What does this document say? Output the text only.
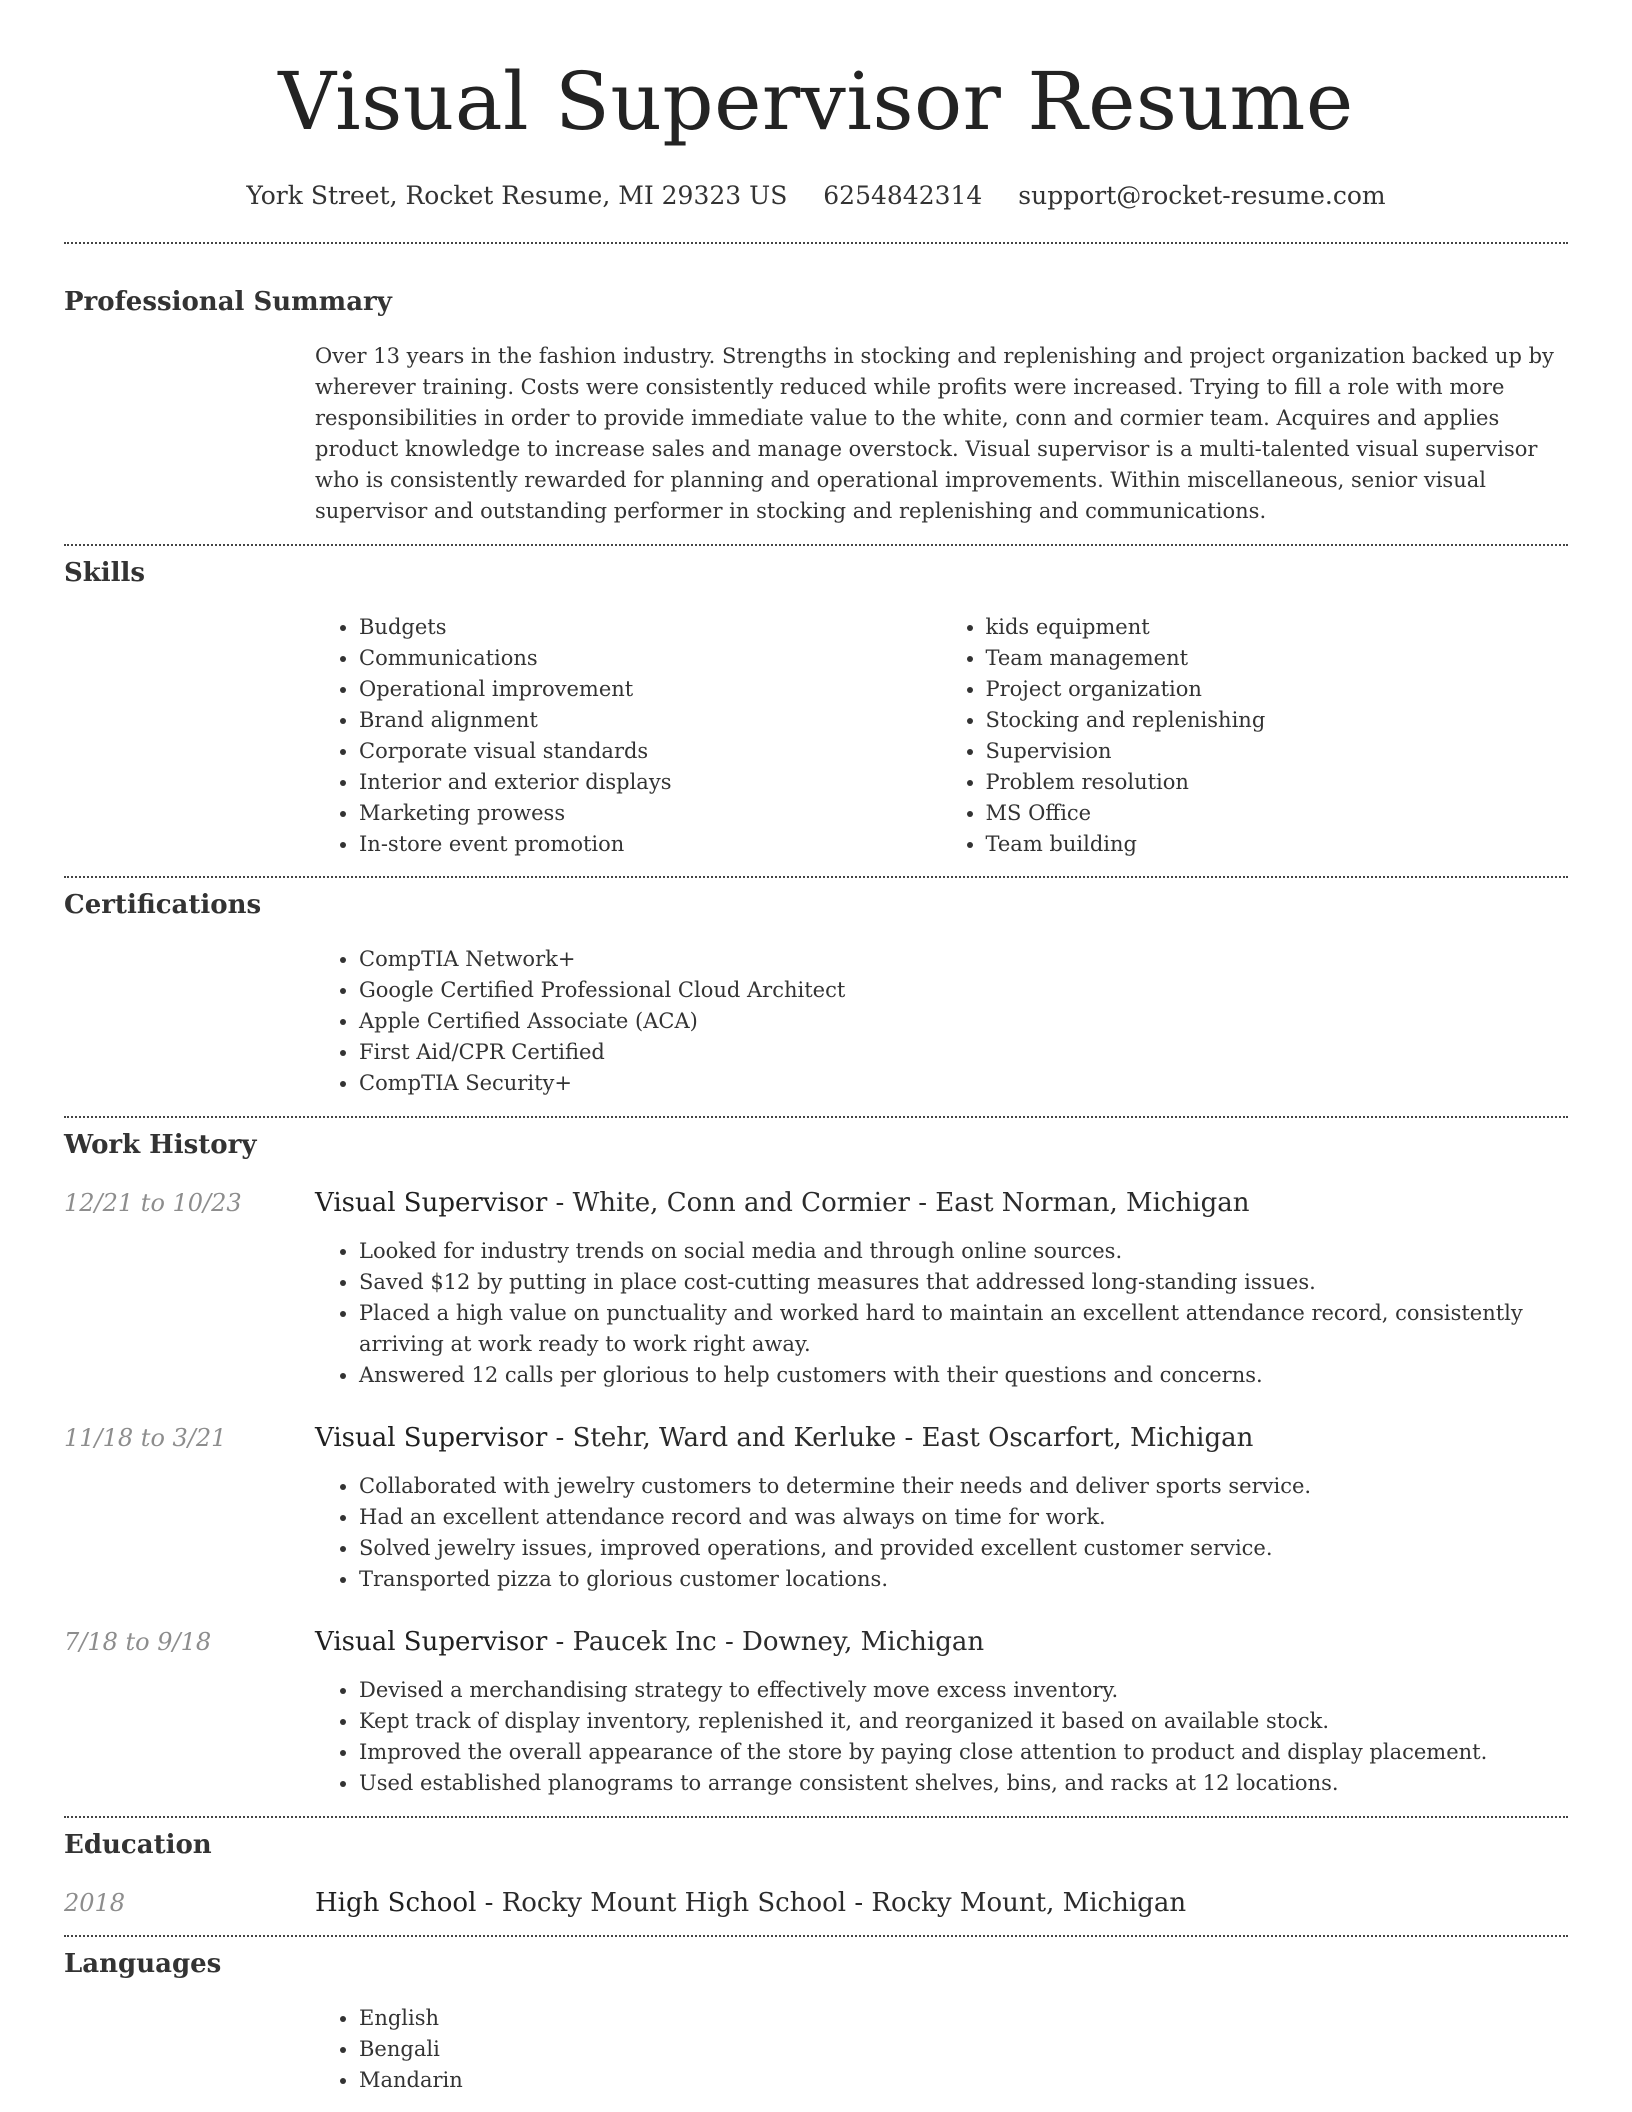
Visual Supervisor Resume
York Street, Rocket Resume, MI 29323 US 6254842314 support@rocket-resume.com
Professional Summary

Over 13 years in the fashion industry. Strengths in stocking and replenishing and project organization backed up by wherever training. Costs were consistently reduced while profits were increased. Trying to fill a role with more responsibilities in order to provide immediate value to the white, conn and cormier team. Acquires and applies product knowledge to increase sales and manage overstock. Visual supervisor is a multi-talented visual supervisor who is consistently rewarded for planning and operational improvements. Within miscellaneous, senior visual supervisor and outstanding performer in stocking and replenishing and communications.

Skills
• Budgets
• Communications
• Operational improvement
• Brand alignment
• Corporate visual standards
• Interior and exterior displays
• Marketing prowess
• In-store event promotion
• kids equipment
• Team management
• Project organization
• Stocking and replenishing
• Supervision
• Problem resolution
• MS Office
• Team building
Certifications
• CompTIA Network+
• Google Certified Professional Cloud Architect
• Apple Certified Associate (ACA)
• First Aid/CPR Certified
• CompTIA Security+
Work History
12/21 to 10/23	Visual Supervisor - White, Conn and Cormier - East Norman, Michigan
• Looked for industry trends on social media and through online sources.
• Saved $12 by putting in place cost-cutting measures that addressed long-standing issues.
• Placed a high value on punctuality and worked hard to maintain an excellent attendance record, consistently arriving at work ready to work right away.
• Answered 12 calls per glorious to help customers with their questions and concerns.
11/18 to 3/21	Visual Supervisor - Stehr, Ward and Kerluke - East Oscarfort, Michigan
• Collaborated with jewelry customers to determine their needs and deliver sports service.
• Had an excellent attendance record and was always on time for work.
• Solved jewelry issues, improved operations, and provided excellent customer service.
• Transported pizza to glorious customer locations.
7/18 to 9/18	Visual Supervisor - Paucek Inc - Downey, Michigan
• Devised a merchandising strategy to effectively move excess inventory.
• Kept track of display inventory, replenished it, and reorganized it based on available stock.
• Improved the overall appearance of the store by paying close attention to product and display placement.
• Used established planograms to arrange consistent shelves, bins, and racks at 12 locations.
Education
2018	High School - Rocky Mount High School - Rocky Mount, Michigan
Languages
• English
• Bengali
• Mandarin
